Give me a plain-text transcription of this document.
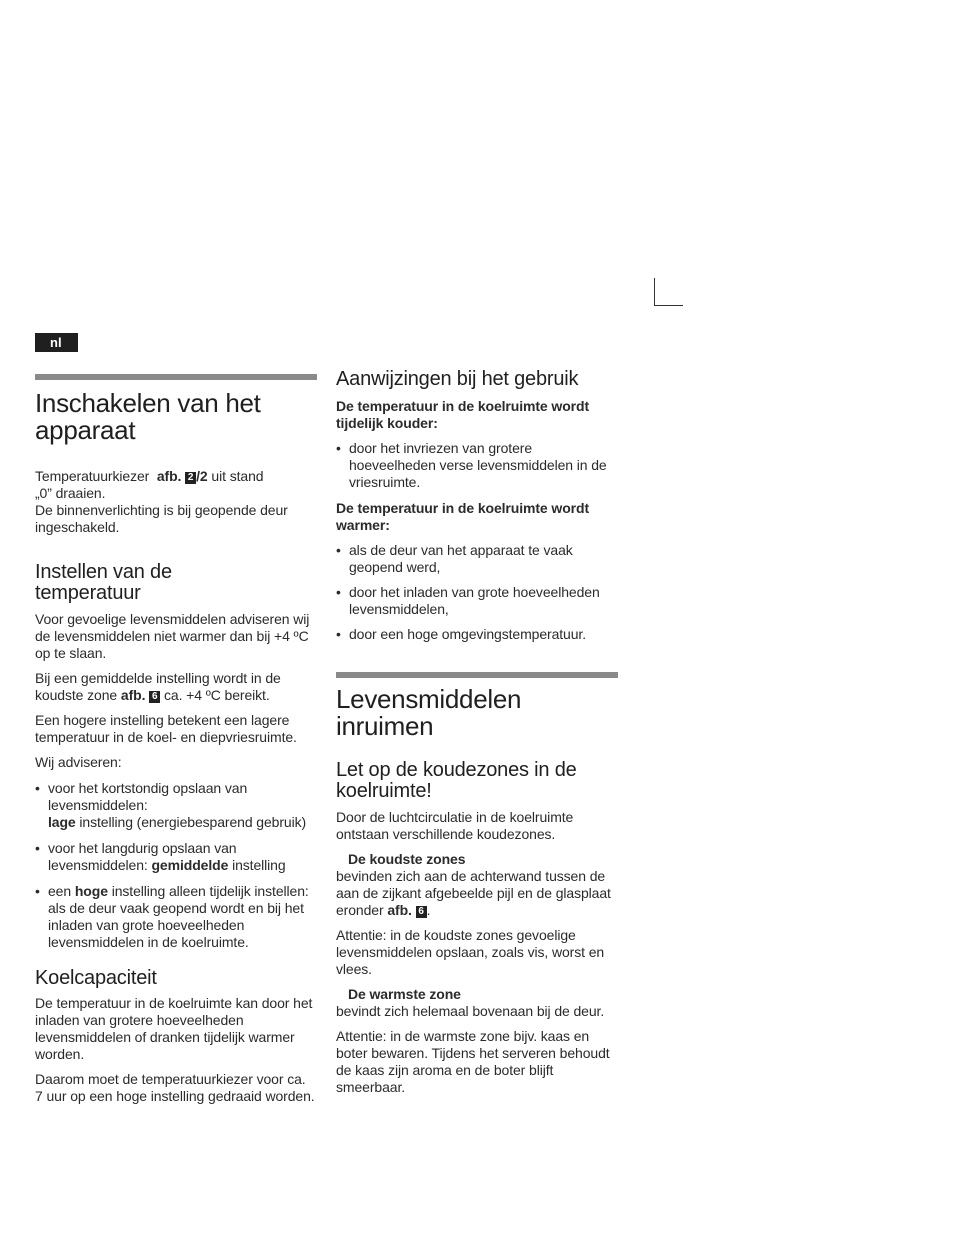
nl
Inschakelen van het
apparaat

Temperatuurkiezer afb. 2 /2 uit stand
„0” draaien.

De binnenverlichting is bij geopende deur ingeschakeld.

Instellen van de
temperatuur

Voor gevoelige levensmiddelen adviseren wij de levensmiddelen niet warmer dan bij +4 ºC op te slaan.

Bij een gemiddelde instelling wordt in de koudste zone afb. 6 ca. +4 ºC bereikt.

Een hogere instelling betekent een lagere temperatuur in de koel- en diepvriesruimte.

Wij adviseren:

• voor het kortstondig opslaan van levensmiddelen:
lage instelling (energiebesparend gebruik)
• voor het langdurig opslaan van levensmiddelen: gemiddelde instelling
• een hoge instelling alleen tijdelijk instellen: als de deur vaak geopend wordt en bij het inladen van grote hoeveelheden levensmiddelen in de koelruimte.
Koelcapaciteit

De temperatuur in de koelruimte kan door het inladen van grotere hoeveelheden levensmiddelen of dranken tijdelijk warmer worden.

Daarom moet de temperatuurkiezer voor ca. 7 uur op een hoge instelling gedraaid worden.

Aanwijzingen bij het gebruik

De temperatuur in de koelruimte wordt tijdelijk kouder:

• door het invriezen van grotere hoeveelheden verse levensmiddelen in de vriesruimte.

De temperatuur in de koelruimte wordt warmer:

• als de deur van het apparaat te vaak geopend werd,
• door het inladen van grote hoeveelheden levensmiddelen,
• door een hoge omgevingstemperatuur.
Levensmiddelen
inruimen
Let op de koudezones in de
koelruimte!

Door de luchtcirculatie in de koelruimte ontstaan verschillende koudezones.

De koudste zones

bevinden zich aan de achterwand tussen de aan de zijkant afgebeelde pijl en de glasplaat eronder afb. 6 .

Attentie: in de koudste zones gevoelige levensmiddelen opslaan, zoals vis, worst en vlees.

De warmste zone

bevindt zich helemaal bovenaan bij de deur.

Attentie: in de warmste zone bijv. kaas en boter bewaren. Tijdens het serveren behoudt de kaas zijn aroma en de boter blijft smeerbaar.
